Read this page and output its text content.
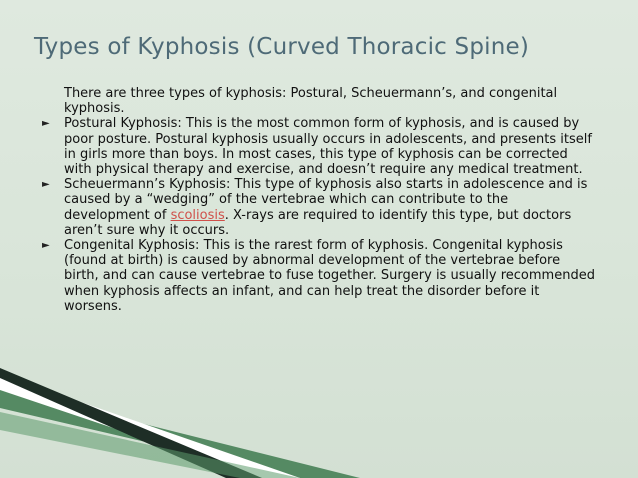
Types of Kyphosis (Curved Thoracic Spine)

There are three types of kyphosis: Postural, Scheuermann’s, and congenital kyphosis.

► Postural Kyphosis: This is the most common form of kyphosis, and is caused by poor posture. Postural kyphosis usually occurs in adolescents, and presents itself in girls more than boys. In most cases, this type of kyphosis can be corrected with physical therapy and exercise, and doesn’t require any medical treatment.

► Scheuermann’s Kyphosis: This type of kyphosis also starts in adolescence and is caused by a “wedging” of the vertebrae which can contribute to the development of scoliosis. X-rays are required to identify this type, but doctors aren’t sure why it occurs.

► Congenital Kyphosis: This is the rarest form of kyphosis. Congenital kyphosis (found at birth) is caused by abnormal development of the vertebrae before birth, and can cause vertebrae to fuse together. Surgery is usually recommended when kyphosis affects an infant, and can help treat the disorder before it worsens.
